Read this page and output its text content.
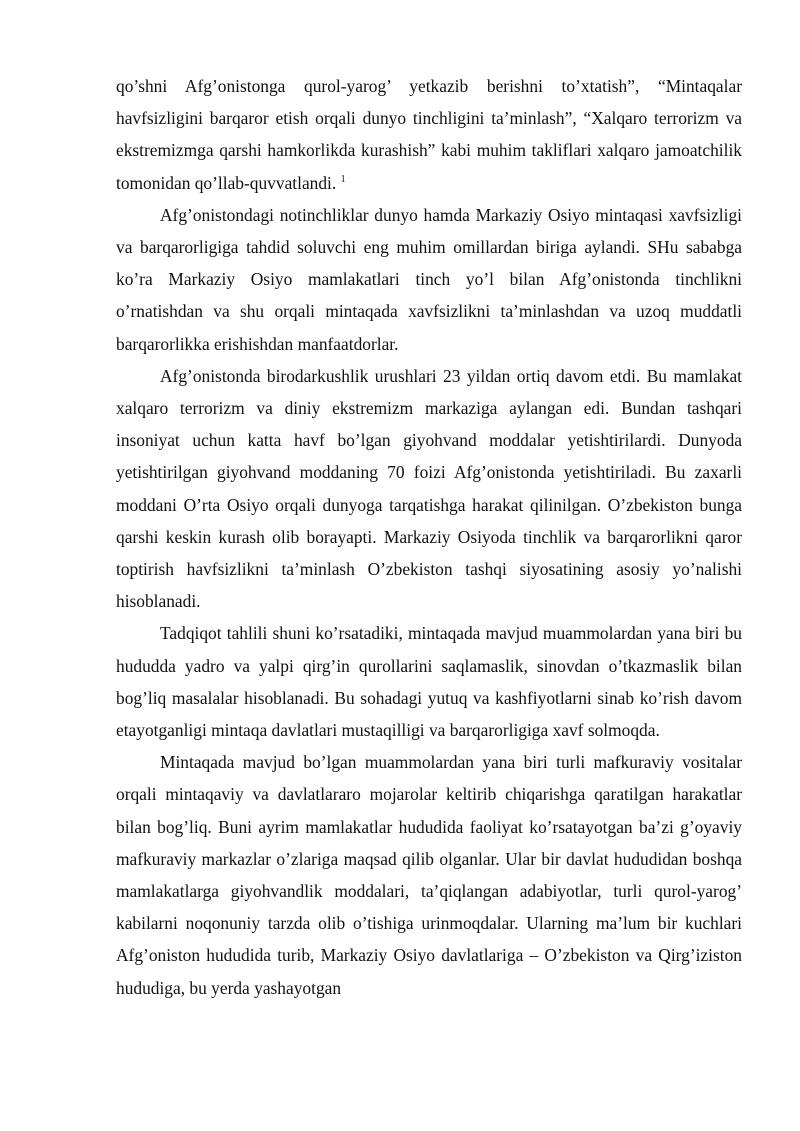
qo’shni Afg’onistonga qurol-yarog’ yetkazib berishni to’xtatish”, “Mintaqalar havfsizligini barqaror etish orqali dunyo tinchligini ta’minlash”, “Xalqaro terrorizm va ekstremizmga qarshi hamkorlikda kurashish” kabi muhim takliflari xalqaro jamoatchilik tomonidan qo’llab-quvvatlandi. $^1$

Afg’onistondagi notinchliklar dunyo hamda Markaziy Osiyo mintaqasi xavfsizligi va barqarorligiga tahdid soluvchi eng muhim omillardan biriga aylandi. SHu sababga ko’ra Markaziy Osiyo mamlakatlari tinch yo’l bilan Afg’onistonda tinchlikni o’rnatishdan va shu orqali mintaqada xavfsizlikni ta’minlashdan va uzoq muddatli barqarorlikka erishishdan manfaatdorlar.

Afg’onistonda birodarkushlik urushlari 23 yildan ortiq davom etdi. Bu mamlakat xalqaro terrorizm va diniy ekstremizm markaziga aylangan edi. Bundan tashqari insoniyat uchun katta havf bo’lgan giyohvand moddalar yetishtirilardi. Dunyoda yetishtirilgan giyohvand moddaning 70 foizi Afg’onistonda yetishtiriladi. Bu zaxarli moddani O’rta Osiyo orqali dunyoga tarqatishga harakat qilinilgan. O’zbekiston bunga qarshi keskin kurash olib borayapti. Markaziy Osiyoda tinchlik va barqarorlikni qaror toptirish havfsizlikni ta’minlash O’zbekiston tashqi siyosatining asosiy yo’nalishi hisoblanadi.

Tadqiqot tahlili shuni ko’rsatadiki, mintaqada mavjud muammolardan yana biri bu hududda yadro va yalpi qirg’in qurollarini saqlamaslik, sinovdan o’tkazmaslik bilan bog’liq masalalar hisoblanadi. Bu sohadagi yutuq va kashfiyotlarni sinab ko’rish davom etayotganligi mintaqa davlatlari mustaqilligi va barqarorligiga xavf solmoqda.

Mintaqada mavjud bo’lgan muammolardan yana biri turli mafkuraviy vositalar orqali mintaqaviy va davlatlararo mojarolar keltirib chiqarishga qaratilgan harakatlar bilan bog’liq. Buni ayrim mamlakatlar hududida faoliyat ko’rsatayotgan ba’zi g’oyaviy mafkuraviy markazlar o’zlariga maqsad qilib olganlar. Ular bir davlat hududidan boshqa mamlakatlarga giyohvandlik moddalari, ta’qiqlangan adabiyotlar, turli qurol-yarog’ kabilarni noqonuniy tarzda olib o’tishiga urinmoqdalar. Ularning ma’lum bir kuchlari Afg’oniston hududida turib, Markaziy Osiyo davlatlariga – O’zbekiston va Qirg’iziston hududiga, bu yerda yashayotgan
